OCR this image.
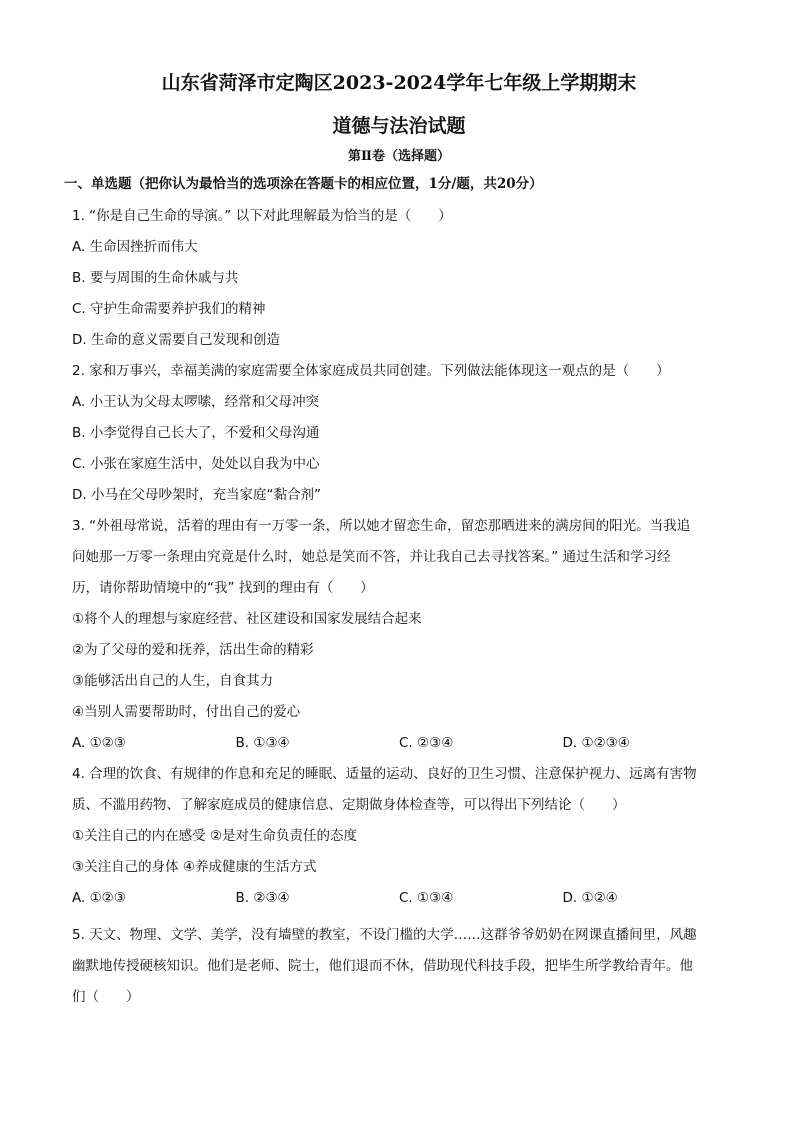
山东省菏泽市定陶区2023-2024学年七年级上学期期末
道德与法治试题
第Ⅱ卷（选择题）
一、单选题（把你认为最恰当的选项涂在答题卡的相应位置，1分/题，共20分）
1. “你是自己生命的导演。” 以下对此理解最为恰当的是（　　）
A. 生命因挫折而伟大
B. 要与周围的生命休戚与共
C. 守护生命需要养护我们的精神
D. 生命的意义需要自己发现和创造
2. 家和万事兴，幸福美满的家庭需要全体家庭成员共同创建。下列做法能体现这一观点的是（　　）
A. 小王认为父母太啰嗦，经常和父母冲突
B. 小李觉得自己长大了，不爱和父母沟通
C. 小张在家庭生活中，处处以自我为中心
D. 小马在父母吵架时，充当家庭“黏合剂”
3. “外祖母常说，活着的理由有一万零一条，所以她才留恋生命，留恋那晒进来的满房间的阳光。当我追
问她那一万零一条理由究竟是什么时，她总是笑而不答，并让我自己去寻找答案。” 通过生活和学习经
历，请你帮助情境中的“我” 找到的理由有（　　）
①将个人的理想与家庭经营、社区建设和国家发展结合起来
②为了父母的爱和抚养，活出生命的精彩
③能够活出自己的人生，自食其力
④当别人需要帮助时，付出自己的爱心
A. ①②③	B. ①③④	C. ②③④	D. ①②③④
4. 合理的饮食、有规律的作息和充足的睡眠、适量的运动、良好的卫生习惯、注意保护视力、远离有害物
质、不滥用药物、了解家庭成员的健康信息、定期做身体检查等，可以得出下列结论（　　）
①关注自己的内在感受 ②是对生命负责任的态度
③关注自己的身体 ④养成健康的生活方式
A. ①②③	B. ②③④	C. ①③④	D. ①②④
5. 天文、物理、文学、美学，没有墙壁的教室，不设门槛的大学……这群爷爷奶奶在网课直播间里，风趣
幽默地传授硬核知识。他们是老师、院士，他们退而不休，借助现代科技手段，把毕生所学教给青年。他
们（　　）
